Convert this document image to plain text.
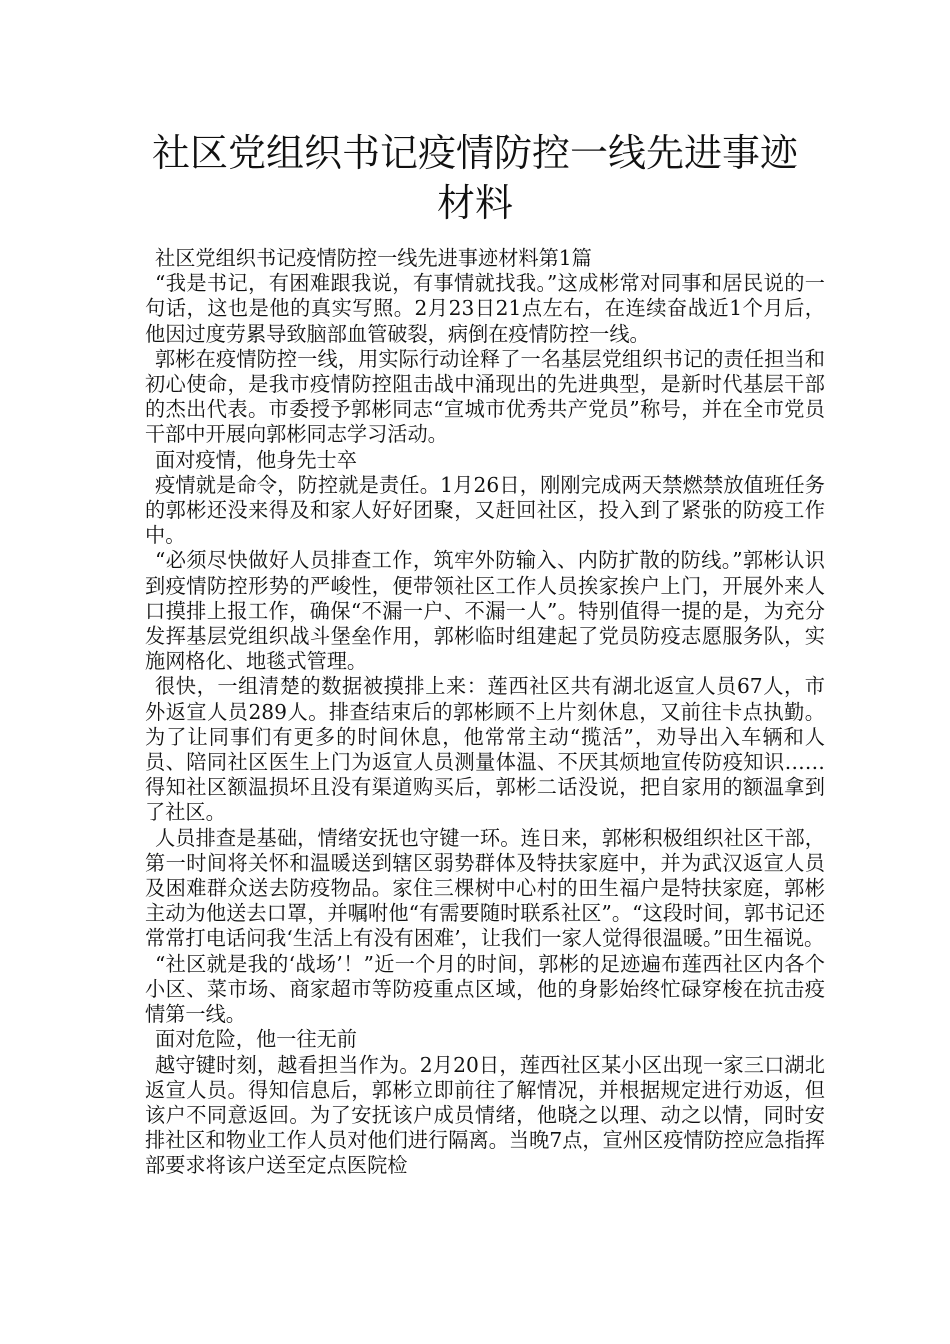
社区党组织书记疫情防控一线先进事迹材料

社区党组织书记疫情防控一线先进事迹材料第1篇

“我是书记，有困难跟我说，有事情就找我。”这成彬常对同事和居民说的一句话，这也是他的真实写照。2月23日21点左右，在连续奋战近1个月后，他因过度劳累导致脑部血管破裂，病倒在疫情防控一线。

郭彬在疫情防控一线，用实际行动诠释了一名基层党组织书记的责任担当和初心使命，是我市疫情防控阻击战中涌现出的先进典型，是新时代基层干部的杰出代表。市委授予郭彬同志“宣城市优秀共产党员”称号，并在全市党员干部中开展向郭彬同志学习活动。

面对疫情，他身先士卒

疫情就是命令，防控就是责任。1月26日，刚刚完成两天禁燃禁放值班任务的郭彬还没来得及和家人好好团聚，又赶回社区，投入到了紧张的防疫工作中。

“必须尽快做好人员排查工作，筑牢外防输入、内防扩散的防线。”郭彬认识到疫情防控形势的严峻性，便带领社区工作人员挨家挨户上门，开展外来人口摸排上报工作，确保“不漏一户、不漏一人”。特别值得一提的是，为充分发挥基层党组织战斗堡垒作用，郭彬临时组建起了党员防疫志愿服务队，实施网格化、地毯式管理。

很快，一组清楚的数据被摸排上来：莲西社区共有湖北返宣人员67人，市外返宣人员289人。排查结束后的郭彬顾不上片刻休息，又前往卡点执勤。为了让同事们有更多的时间休息，他常常主动“揽活”，劝导出入车辆和人员、陪同社区医生上门为返宣人员测量体温、不厌其烦地宣传防疫知识……得知社区额温损坏且没有渠道购买后，郭彬二话没说，把自家用的额温拿到了社区。

人员排查是基础，情绪安抚也守键一环。连日来，郭彬积极组织社区干部，第一时间将关怀和温暖送到辖区弱势群体及特扶家庭中，并为武汉返宣人员及困难群众送去防疫物品。家住三棵树中心村的田生福户是特扶家庭，郭彬主动为他送去口罩，并嘱咐他“有需要随时联系社区”。“这段时间，郭书记还常常打电话问我‘生活上有没有困难’，让我们一家人觉得很温暖。”田生福说。

“社区就是我的‘战场’！”近一个月的时间，郭彬的足迹遍布莲西社区内各个小区、菜市场、商家超市等防疫重点区域，他的身影始终忙碌穿梭在抗击疫情第一线。

面对危险，他一往无前

越守键时刻，越看担当作为。2月20日，莲西社区某小区出现一家三口湖北返宣人员。得知信息后，郭彬立即前往了解情况，并根据规定进行劝返，但该户不同意返回。为了安抚该户成员情绪，他晓之以理、动之以情，同时安排社区和物业工作人员对他们进行隔离。当晚7点，宣州区疫情防控应急指挥部要求将该户送至定点医院检
